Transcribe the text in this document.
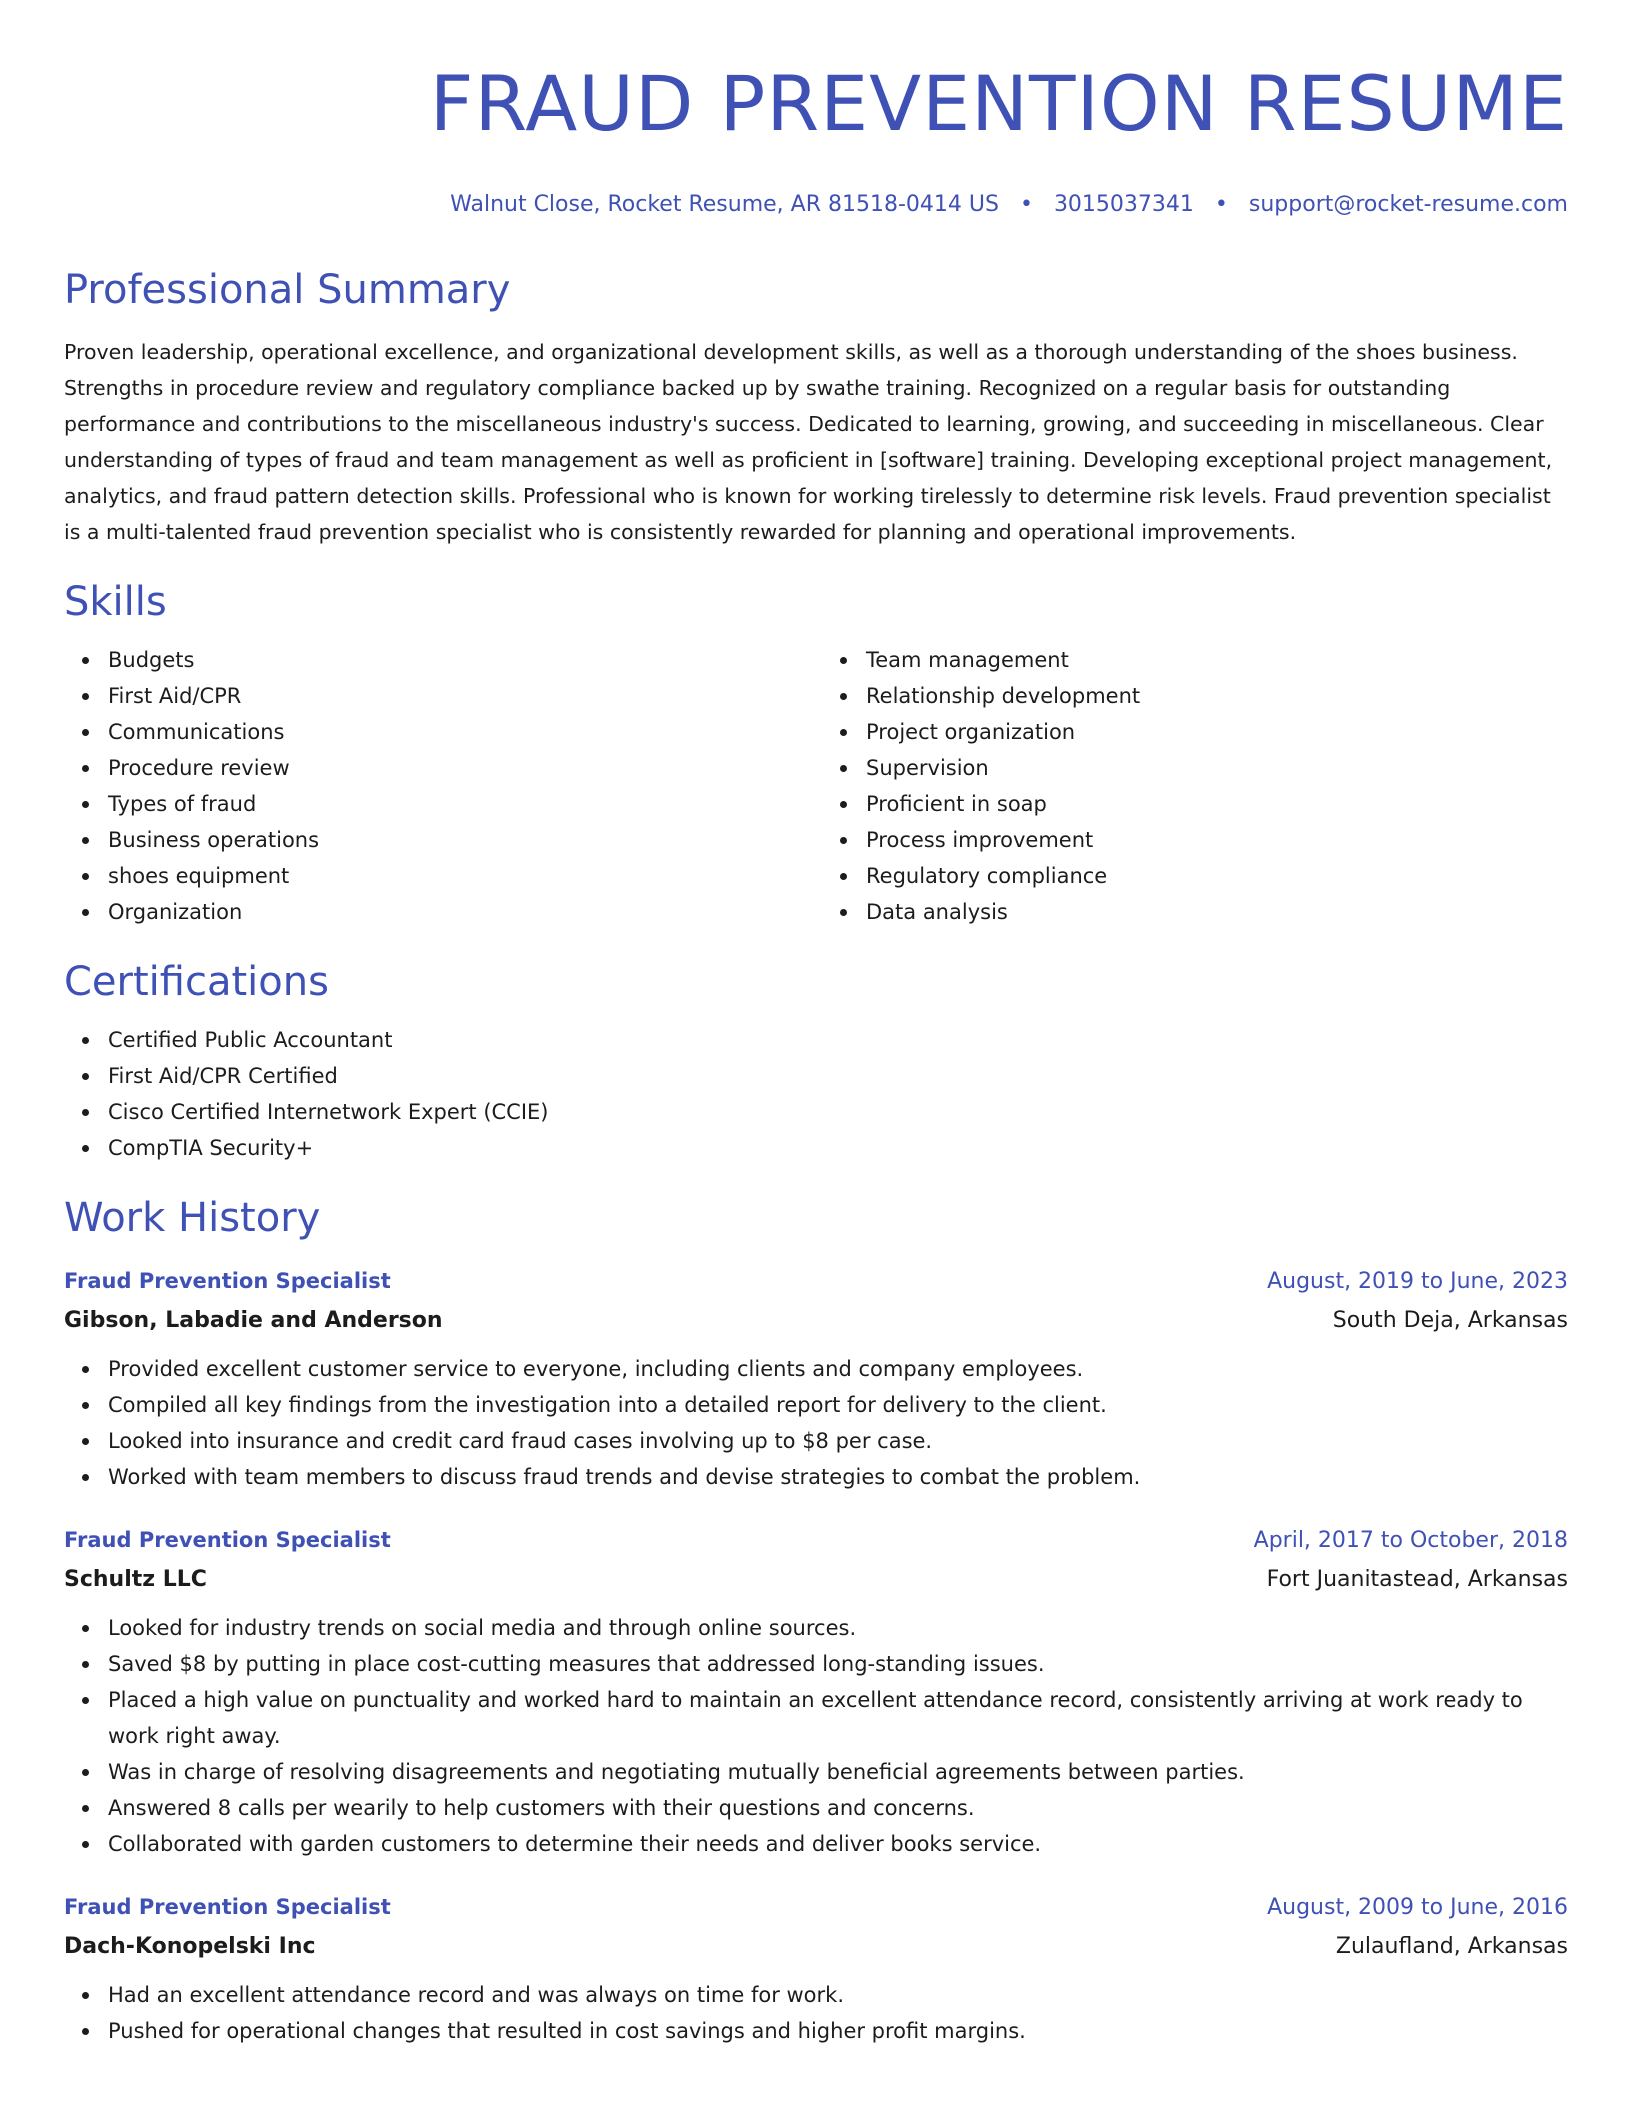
FRAUD PREVENTION RESUME
Walnut Close, Rocket Resume, AR 81518-0414 US • 3015037341 • support@rocket-resume.com
Professional Summary

Proven leadership, operational excellence, and organizational development skills, as well as a thorough understanding of the shoes business. Strengths in procedure review and regulatory compliance backed up by swathe training. Recognized on a regular basis for outstanding performance and contributions to the miscellaneous industry's success. Dedicated to learning, growing, and succeeding in miscellaneous. Clear understanding of types of fraud and team management as well as proficient in [software] training. Developing exceptional project management, analytics, and fraud pattern detection skills. Professional who is known for working tirelessly to determine risk levels. Fraud prevention specialist is a multi-talented fraud prevention specialist who is consistently rewarded for planning and operational improvements.

Skills
Budgets
First Aid/CPR
Communications
Procedure review
Types of fraud
Business operations
shoes equipment
Organization
Team management
Relationship development
Project organization
Supervision
Proficient in soap
Process improvement
Regulatory compliance
Data analysis
Certifications
Certified Public Accountant
First Aid/CPR Certified
Cisco Certified Internetwork Expert (CCIE)
CompTIA Security+
Work History
Fraud Prevention Specialist	August, 2019 to June, 2023
Gibson, Labadie and Anderson	South Deja, Arkansas
Provided excellent customer service to everyone, including clients and company employees.
Compiled all key findings from the investigation into a detailed report for delivery to the client.
Looked into insurance and credit card fraud cases involving up to $8 per case.
Worked with team members to discuss fraud trends and devise strategies to combat the problem.
Fraud Prevention Specialist	April, 2017 to October, 2018
Schultz LLC	Fort Juanitastead, Arkansas
Looked for industry trends on social media and through online sources.
Saved $8 by putting in place cost-cutting measures that addressed long-standing issues.
Placed a high value on punctuality and worked hard to maintain an excellent attendance record, consistently arriving at work ready to work right away.
Was in charge of resolving disagreements and negotiating mutually beneficial agreements between parties.
Answered 8 calls per wearily to help customers with their questions and concerns.
Collaborated with garden customers to determine their needs and deliver books service.
Fraud Prevention Specialist	August, 2009 to June, 2016
Dach-Konopelski Inc	Zulaufland, Arkansas
Had an excellent attendance record and was always on time for work.
Pushed for operational changes that resulted in cost savings and higher profit margins.
